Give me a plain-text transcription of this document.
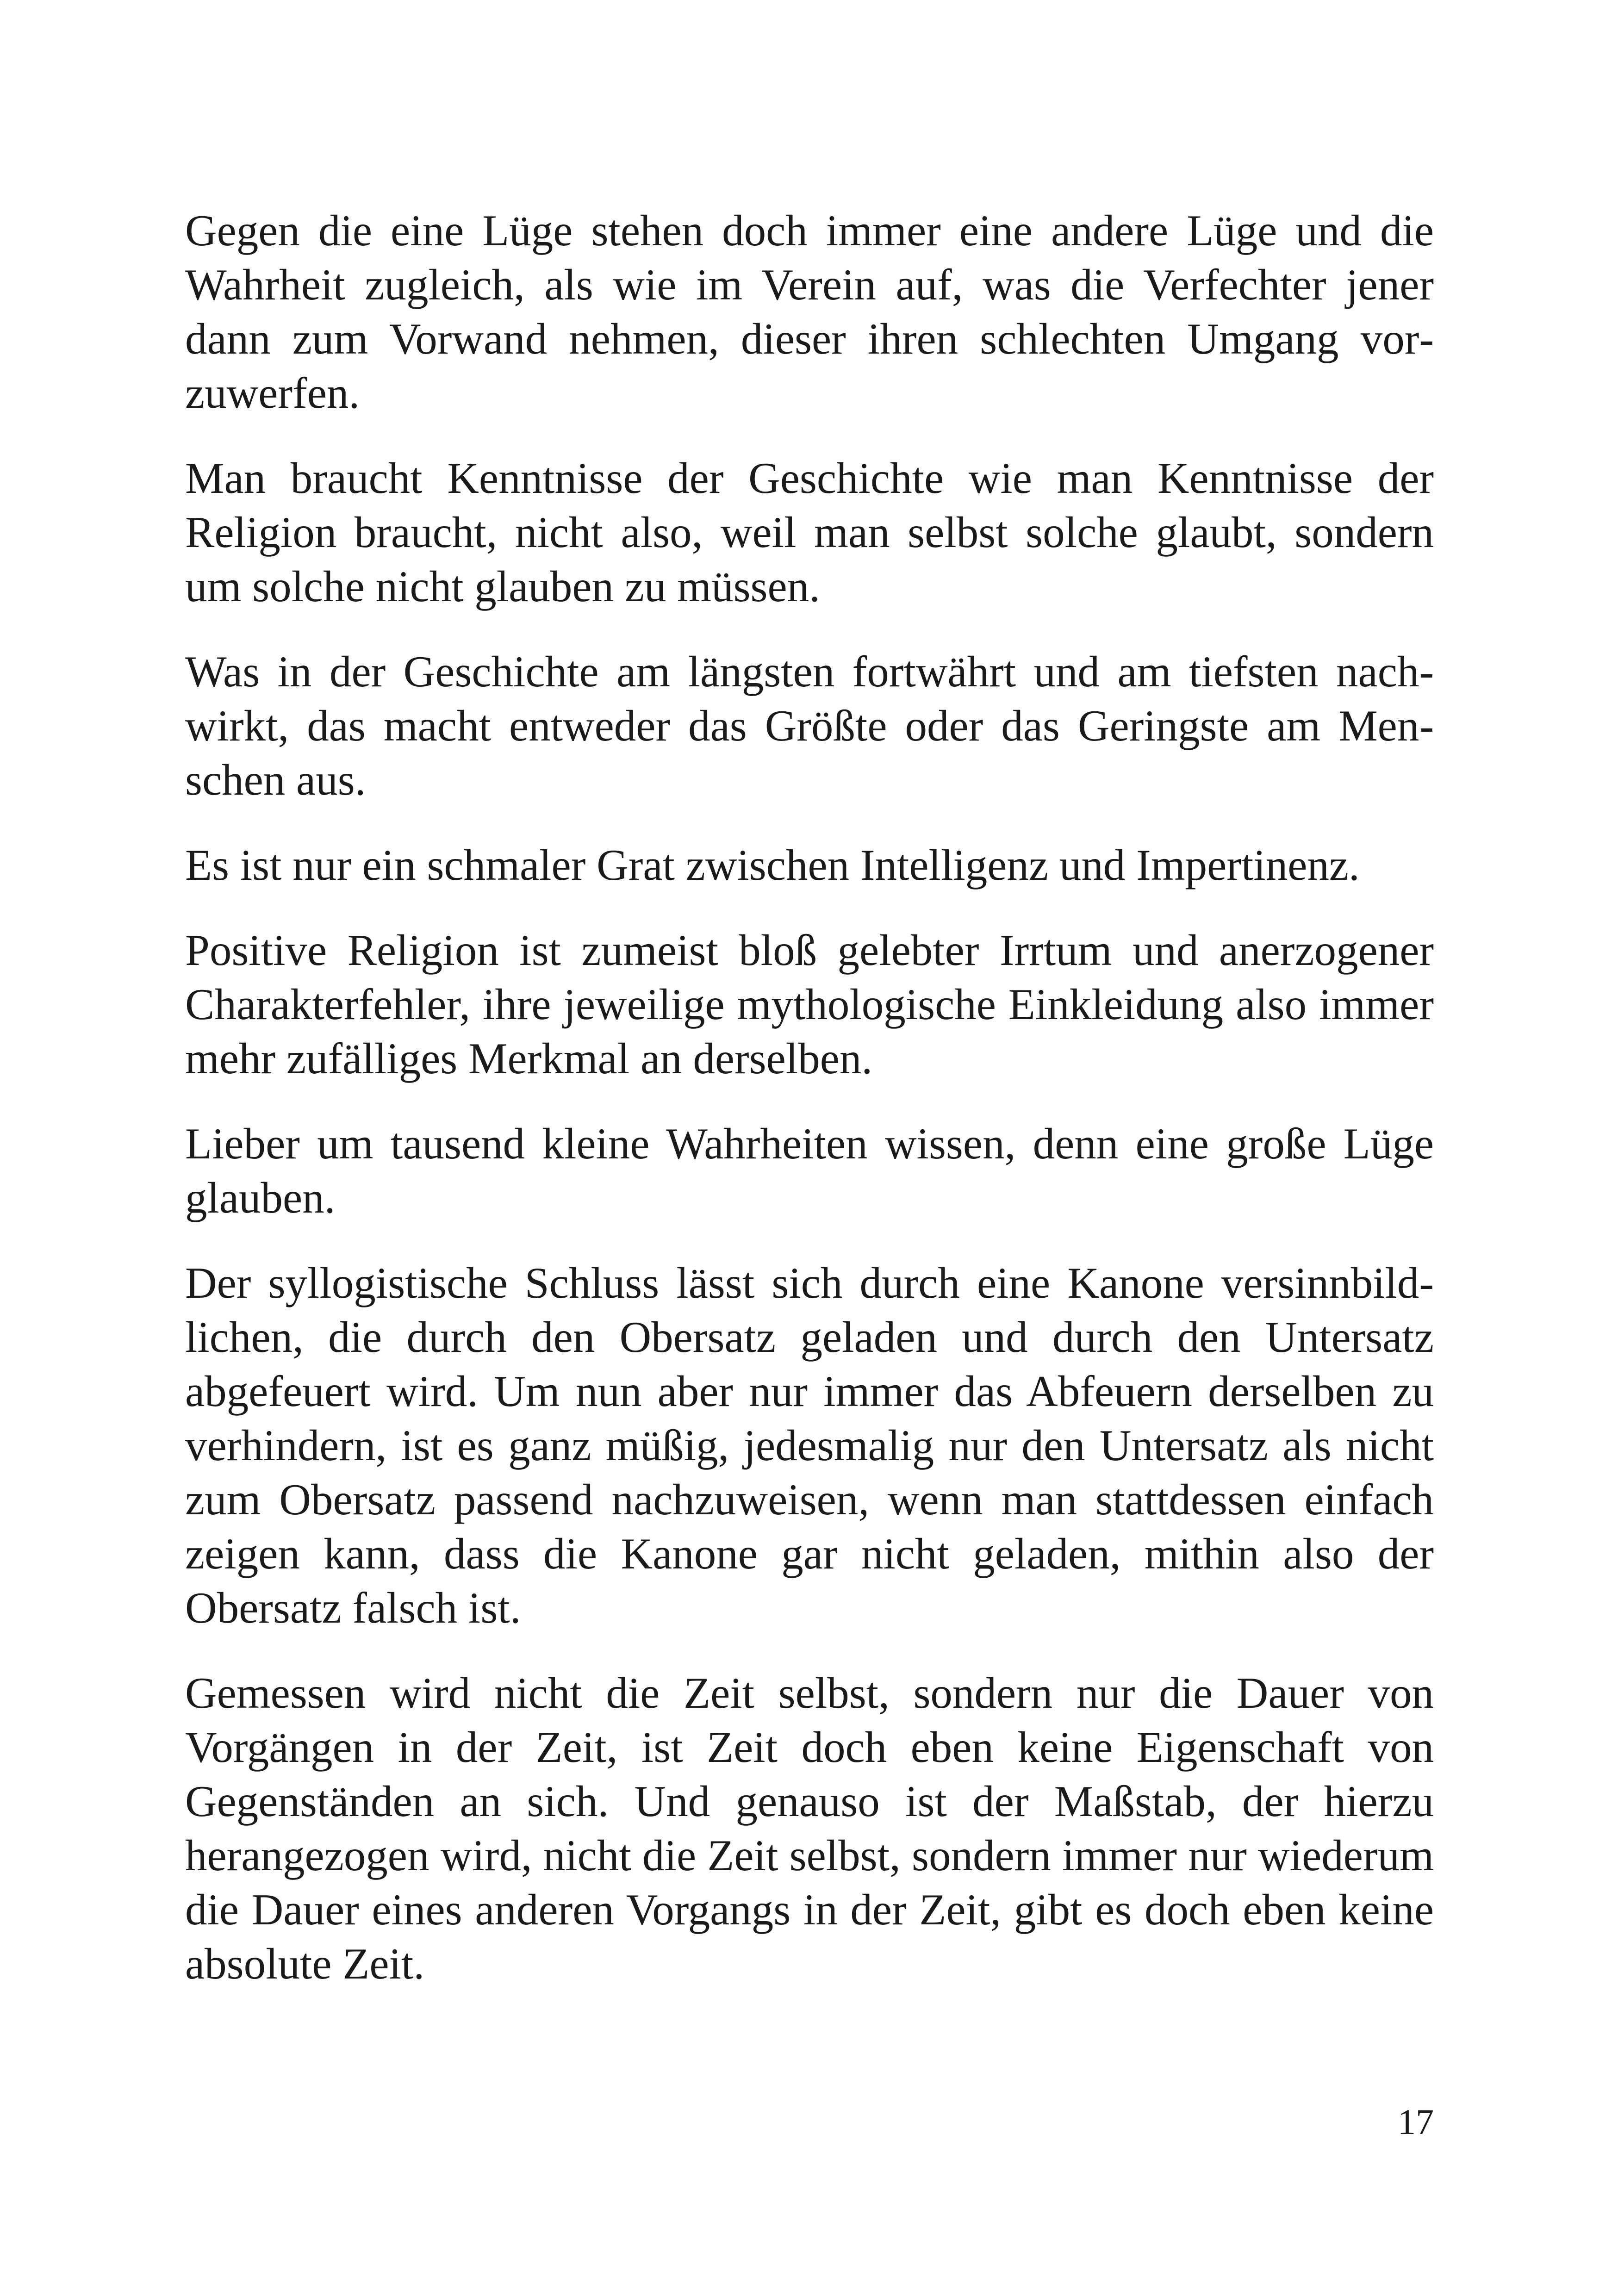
Gegen die eine Lüge stehen doch immer eine andere Lüge und die Wahrheit zugleich, als wie im Verein auf, was die Verfechter jener dann zum Vorwand nehmen, dieser ihren schlechten Umgang vorzuwerfen.

Man braucht Kenntnisse der Geschichte wie man Kenntnisse der Religion braucht, nicht also, weil man selbst solche glaubt, sondern um solche nicht glauben zu müssen.

Was in der Geschichte am längsten fortwährt und am tiefsten nachwirkt, das macht entweder das Größte oder das Geringste am Menschen aus.

Es ist nur ein schmaler Grat zwischen Intelligenz und Impertinenz.

Positive Religion ist zumeist bloß gelebter Irrtum und anerzogener Charakterfehler, ihre jeweilige mythologische Einkleidung also immer mehr zufälliges Merkmal an derselben.

Lieber um tausend kleine Wahrheiten wissen, denn eine große Lüge glauben.

Der syllogistische Schluss lässt sich durch eine Kanone versinnbildlichen, die durch den Obersatz geladen und durch den Untersatz abgefeuert wird. Um nun aber nur immer das Abfeuern derselben zu verhindern, ist es ganz müßig, jedesmalig nur den Untersatz als nicht zum Obersatz passend nachzuweisen, wenn man stattdessen einfach zeigen kann, dass die Kanone gar nicht geladen, mithin also der Obersatz falsch ist.

Gemessen wird nicht die Zeit selbst, sondern nur die Dauer von Vorgängen in der Zeit, ist Zeit doch eben keine Eigenschaft von Gegenständen an sich. Und genauso ist der Maßstab, der hierzu herangezogen wird, nicht die Zeit selbst, sondern immer nur wiederum die Dauer eines anderen Vorgangs in der Zeit, gibt es doch eben keine absolute Zeit.

17
